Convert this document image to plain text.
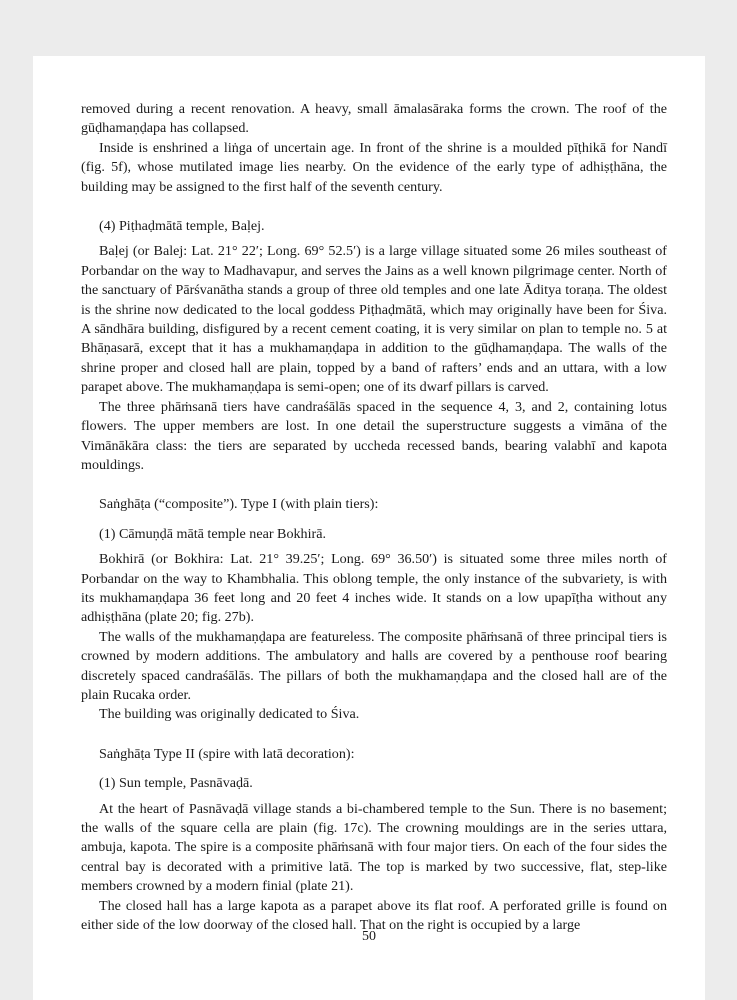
removed during a recent renovation. A heavy, small āmalasāraka forms the crown. The roof of the gūḍhamaṇḍapa has collapsed.

Inside is enshrined a liṅga of uncertain age. In front of the shrine is a moulded pīṭhikā for Nandī (fig. 5f), whose mutilated image lies nearby. On the evidence of the early type of adhiṣṭhāna, the building may be assigned to the first half of the seventh century.

(4) Piṭhaḍmātā temple, Baḷej.

Baḷej (or Balej: Lat. 21° 22′; Long. 69° 52.5′) is a large village situated some 26 miles southeast of Porbandar on the way to Madhavapur, and serves the Jains as a well known pilgrimage center. North of the sanctuary of Pārśvanātha stands a group of three old temples and one late Āditya toraṇa. The oldest is the shrine now dedicated to the local goddess Piṭhaḍmātā, which may originally have been for Śiva. A sāndhāra building, disfigured by a recent cement coating, it is very similar on plan to temple no. 5 at Bhāṇasarā, except that it has a mukhamaṇḍapa in addition to the gūḍhamaṇḍapa. The walls of the shrine proper and closed hall are plain, topped by a band of rafters’ ends and an uttara, with a low parapet above. The mukhamaṇḍapa is semi-open; one of its dwarf pillars is carved.

The three phāṁsanā tiers have candraśālās spaced in the sequence 4, 3, and 2, containing lotus flowers. The upper members are lost. In one detail the superstructure suggests a vimāna of the Vimānākāra class: the tiers are separated by uccheda recessed bands, bearing valabhī and kapota mouldings.

Saṅghāṭa (“composite”). Type I (with plain tiers):

(1) Cāmuṇḍā mātā temple near Bokhirā.

Bokhirā (or Bokhira: Lat. 21° 39.25′; Long. 69° 36.50′) is situated some three miles north of Porbandar on the way to Khambhalia. This oblong temple, the only instance of the subvariety, is with its mukhamaṇḍapa 36 feet long and 20 feet 4 inches wide. It stands on a low upapīṭha without any adhiṣṭhāna (plate 20; fig. 27b).

The walls of the mukhamaṇḍapa are featureless. The composite phāṁsanā of three principal tiers is crowned by modern additions. The ambulatory and halls are covered by a penthouse roof bearing discretely spaced candraśālās. The pillars of both the mukhamaṇḍapa and the closed hall are of the plain Rucaka order.

The building was originally dedicated to Śiva.

Saṅghāṭa Type II (spire with latā decoration):

(1) Sun temple, Pasnāvaḍā.

At the heart of Pasnāvaḍā village stands a bi-chambered temple to the Sun. There is no basement; the walls of the square cella are plain (fig. 17c). The crowning mouldings are in the series uttara, ambuja, kapota. The spire is a composite phāṁsanā with four major tiers. On each of the four sides the central bay is decorated with a primitive latā. The top is marked by two successive, flat, step-like members crowned by a modern finial (plate 21).

The closed hall has a large kapota as a parapet above its flat roof. A perforated grille is found on either side of the low doorway of the closed hall. That on the right is occupied by a large

50
